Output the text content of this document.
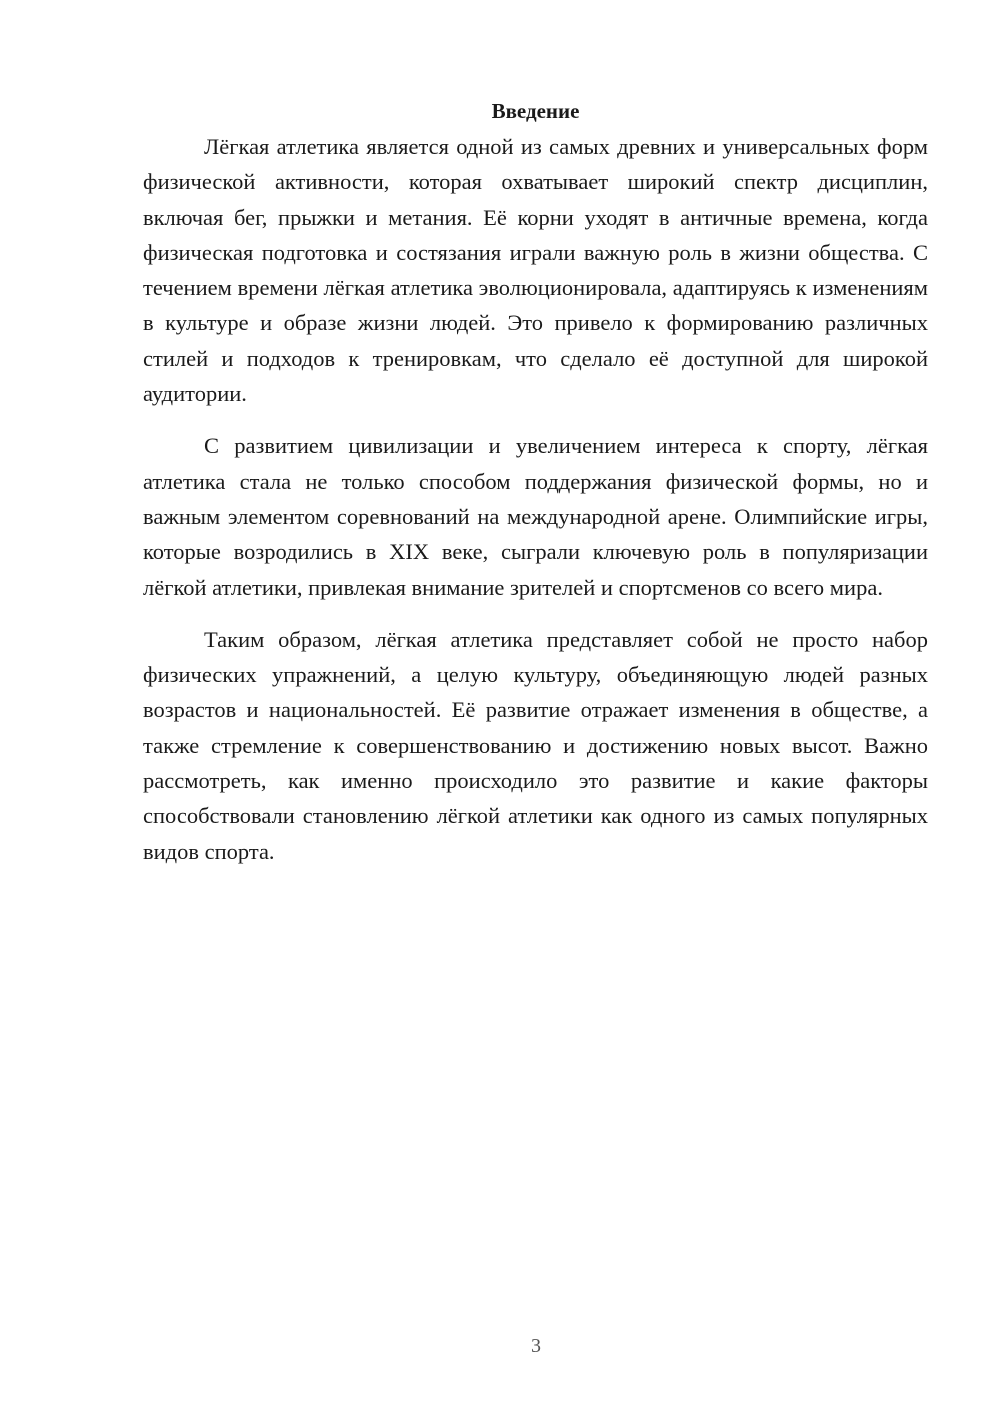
Введение

Лёгкая атлетика является одной из самых древних и универсальных форм физической активности, которая охватывает широкий спектр дисциплин, включая бег, прыжки и метания. Её корни уходят в античные времена, когда физическая подготовка и состязания играли важную роль в жизни общества. С течением времени лёгкая атлетика эволюционировала, адаптируясь к изменениям в культуре и образе жизни людей. Это привело к формированию различных стилей и подходов к тренировкам, что сделало её доступной для широкой аудитории.

С развитием цивилизации и увеличением интереса к спорту, лёгкая атлетика стала не только способом поддержания физической формы, но и важным элементом соревнований на международной арене. Олимпийские игры, которые возродились в XIX веке, сыграли ключевую роль в популяризации лёгкой атлетики, привлекая внимание зрителей и спортсменов со всего мира.

Таким образом, лёгкая атлетика представляет собой не просто набор физических упражнений, а целую культуру, объединяющую людей разных возрастов и национальностей. Её развитие отражает изменения в обществе, а также стремление к совершенствованию и достижению новых высот. Важно рассмотреть, как именно происходило это развитие и какие факторы способствовали становлению лёгкой атлетики как одного из самых популярных видов спорта.

3
